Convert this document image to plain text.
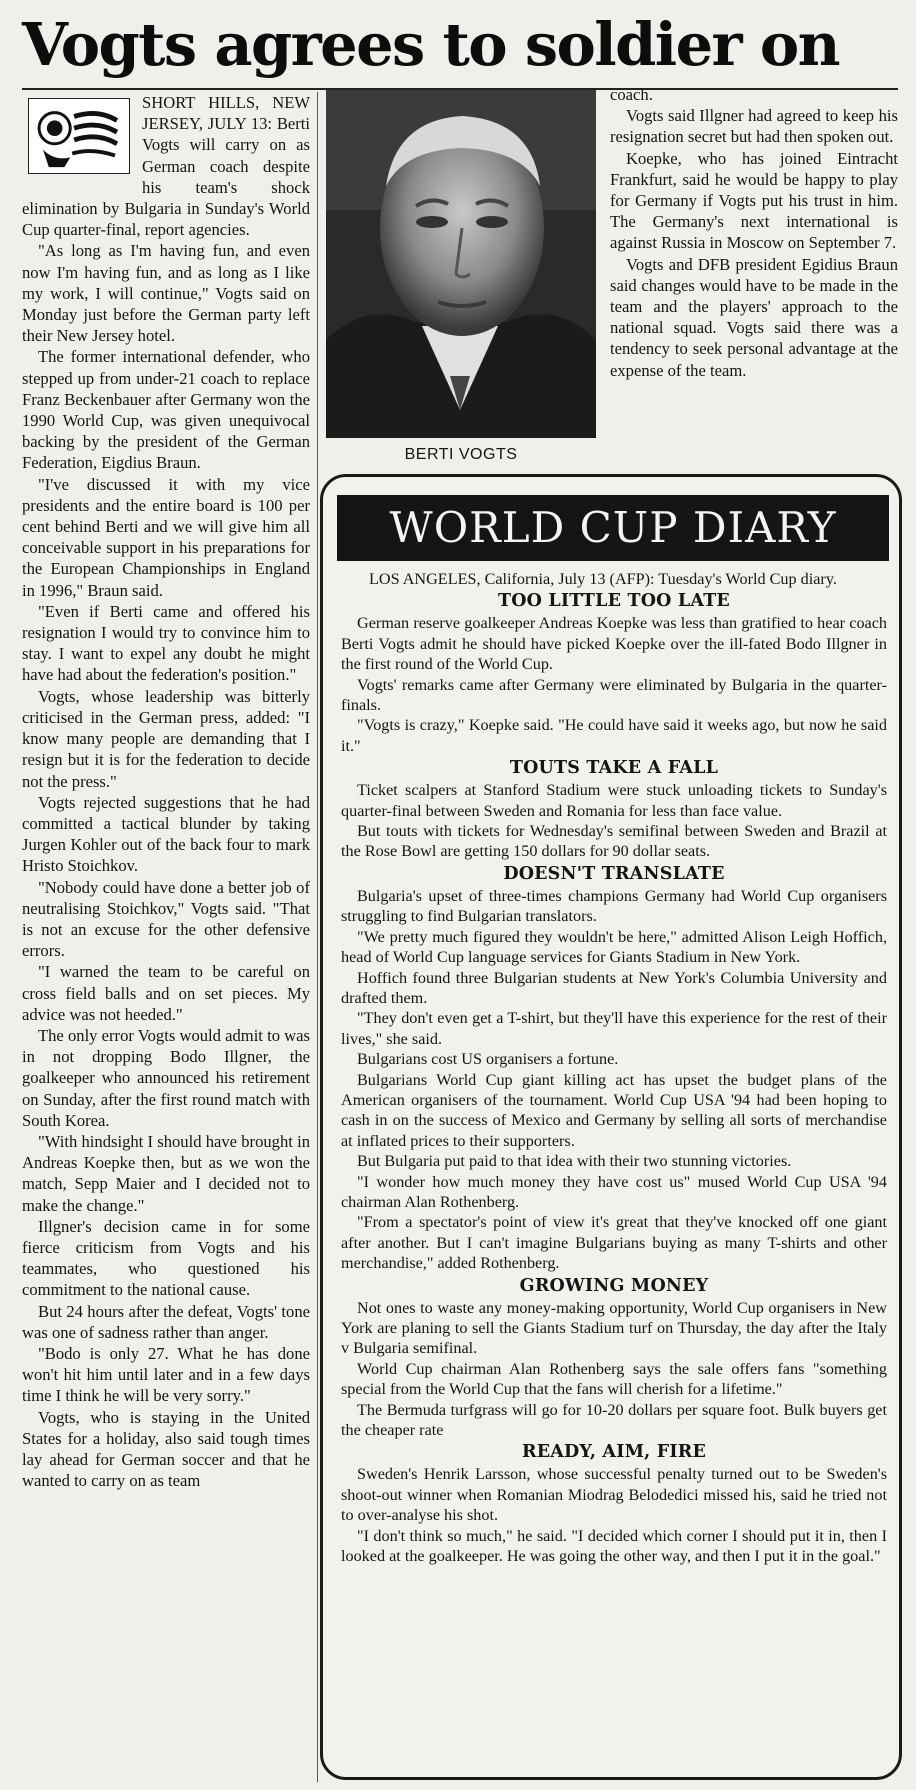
Vogts agrees to soldier on

SHORT HILLS, NEW JERSEY, JULY 13: Berti Vogts will carry on as German coach despite his team's shock elimination by Bulgaria in Sunday's World Cup quarter-final, report agencies.

"As long as I'm having fun, and even now I'm having fun, and as long as I like my work, I will continue," Vogts said on Monday just before the German party left their New Jersey hotel.

The former international defender, who stepped up from under-21 coach to replace Franz Beckenbauer after Germany won the 1990 World Cup, was given unequivocal backing by the president of the German Federation, Eigdius Braun.

"I've discussed it with my vice presidents and the entire board is 100 per cent behind Berti and we will give him all conceivable support in his preparations for the European Championships in England in 1996," Braun said.

"Even if Berti came and offered his resignation I would try to convince him to stay. I want to expel any doubt he might have had about the federation's position."

Vogts, whose leadership was bitterly criticised in the German press, added: "I know many people are demanding that I resign but it is for the federation to decide not the press."

Vogts rejected suggestions that he had committed a tactical blunder by taking Jurgen Kohler out of the back four to mark Hristo Stoichkov.

"Nobody could have done a better job of neutralising Stoichkov," Vogts said. "That is not an excuse for the other defensive errors.

"I warned the team to be careful on cross field balls and on set pieces. My advice was not heeded."

The only error Vogts would admit to was in not dropping Bodo Illgner, the goalkeeper who announced his retirement on Sunday, after the first round match with South Korea.

"With hindsight I should have brought in Andreas Koepke then, but as we won the match, Sepp Maier and I decided not to make the change."

Illgner's decision came in for some fierce criticism from Vogts and his teammates, who questioned his commitment to the national cause.

But 24 hours after the defeat, Vogts' tone was one of sadness rather than anger.

"Bodo is only 27. What he has done won't hit him until later and in a few days time I think he will be very sorry."

Vogts, who is staying in the United States for a holiday, also said tough times lay ahead for German soccer and that he wanted to carry on as team

BERTI VOGTS

coach.

Vogts said Illgner had agreed to keep his resignation secret but had then spoken out.

Koepke, who has joined Eintracht Frankfurt, said he would be happy to play for Germany if Vogts put his trust in him. The Germany's next international is against Russia in Moscow on September 7.

Vogts and DFB president Egidius Braun said changes would have to be made in the team and the players' approach to the national squad. Vogts said there was a tendency to seek personal advantage at the expense of the team.

WORLD CUP DIARY

LOS ANGELES, California, July 13 (AFP): Tuesday's World Cup diary.

TOO LITTLE TOO LATE

German reserve goalkeeper Andreas Koepke was less than gratified to hear coach Berti Vogts admit he should have picked Koepke over the ill-fated Bodo Illgner in the first round of the World Cup.

Vogts' remarks came after Germany were eliminated by Bulgaria in the quarter-finals.

"Vogts is crazy," Koepke said. "He could have said it weeks ago, but now he said it."

TOUTS TAKE A FALL

Ticket scalpers at Stanford Stadium were stuck unloading tickets to Sunday's quarter-final between Sweden and Romania for less than face value.

But touts with tickets for Wednesday's semifinal between Sweden and Brazil at the Rose Bowl are getting 150 dollars for 90 dollar seats.

DOESN'T TRANSLATE

Bulgaria's upset of three-times champions Germany had World Cup organisers struggling to find Bulgarian translators.

"We pretty much figured they wouldn't be here," admitted Alison Leigh Hoffich, head of World Cup language services for Giants Stadium in New York.

Hoffich found three Bulgarian students at New York's Columbia University and drafted them.

"They don't even get a T-shirt, but they'll have this experience for the rest of their lives," she said.

Bulgarians cost US organisers a fortune.

Bulgarians World Cup giant killing act has upset the budget plans of the American organisers of the tournament. World Cup USA '94 had been hoping to cash in on the success of Mexico and Germany by selling all sorts of merchandise at inflated prices to their supporters.

But Bulgaria put paid to that idea with their two stunning victories.

"I wonder how much money they have cost us" mused World Cup USA '94 chairman Alan Rothenberg.

"From a spectator's point of view it's great that they've knocked off one giant after another. But I can't imagine Bulgarians buying as many T-shirts and other merchandise," added Rothenberg.

GROWING MONEY

Not ones to waste any money-making opportunity, World Cup organisers in New York are planing to sell the Giants Stadium turf on Thursday, the day after the Italy v Bulgaria semifinal.

World Cup chairman Alan Rothenberg says the sale offers fans "something special from the World Cup that the fans will cherish for a lifetime."

The Bermuda turfgrass will go for 10-20 dollars per square foot. Bulk buyers get the cheaper rate

READY, AIM, FIRE

Sweden's Henrik Larsson, whose successful penalty turned out to be Sweden's shoot-out winner when Romanian Miodrag Belodedici missed his, said he tried not to over-analyse his shot.

"I don't think so much," he said. "I decided which corner I should put it in, then I looked at the goalkeeper. He was going the other way, and then I put it in the goal."
